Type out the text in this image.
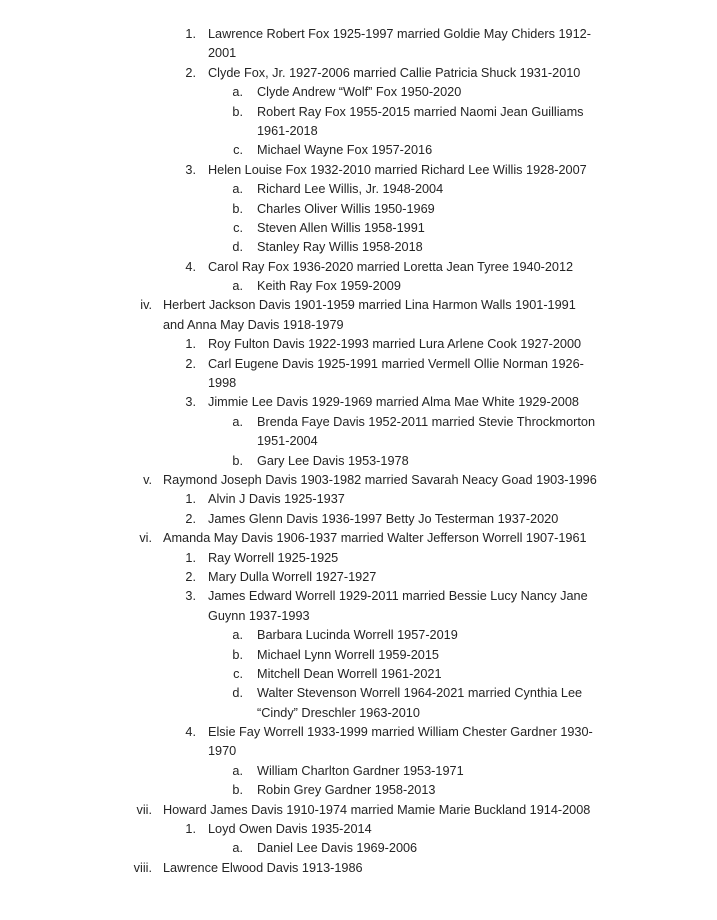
1. Lawrence Robert Fox 1925-1997 married Goldie May Chiders 1912-
2001
2. Clyde Fox, Jr. 1927-2006 married Callie Patricia Shuck 1931-2010
a. Clyde Andrew “Wolf” Fox 1950-2020
b. Robert Ray Fox 1955-2015 married Naomi Jean Guilliams
1961-2018
c. Michael Wayne Fox 1957-2016
3. Helen Louise Fox 1932-2010 married Richard Lee Willis 1928-2007
a. Richard Lee Willis, Jr. 1948-2004
b. Charles Oliver Willis 1950-1969
c. Steven Allen Willis 1958-1991
d. Stanley Ray Willis 1958-2018
4. Carol Ray Fox 1936-2020 married Loretta Jean Tyree 1940-2012
a. Keith Ray Fox 1959-2009
iv. Herbert Jackson Davis 1901-1959 married Lina Harmon Walls 1901-1991
and Anna May Davis 1918-1979
1. Roy Fulton Davis 1922-1993 married Lura Arlene Cook 1927-2000
2. Carl Eugene Davis 1925-1991 married Vermell Ollie Norman 1926-
1998
3. Jimmie Lee Davis 1929-1969 married Alma Mae White 1929-2008
a. Brenda Faye Davis 1952-2011 married Stevie Throckmorton
1951-2004
b. Gary Lee Davis 1953-1978
v. Raymond Joseph Davis 1903-1982 married Savarah Neacy Goad 1903-1996
1. Alvin J Davis 1925-1937
2. James Glenn Davis 1936-1997 Betty Jo Testerman 1937-2020
vi. Amanda May Davis 1906-1937 married Walter Jefferson Worrell 1907-1961
1. Ray Worrell 1925-1925
2. Mary Dulla Worrell 1927-1927
3. James Edward Worrell 1929-2011 married Bessie Lucy Nancy Jane
Guynn 1937-1993
a. Barbara Lucinda Worrell 1957-2019
b. Michael Lynn Worrell 1959-2015
c. Mitchell Dean Worrell 1961-2021
d. Walter Stevenson Worrell 1964-2021 married Cynthia Lee
“Cindy” Dreschler 1963-2010
4. Elsie Fay Worrell 1933-1999 married William Chester Gardner 1930-
1970
a. William Charlton Gardner 1953-1971
b. Robin Grey Gardner 1958-2013
vii. Howard James Davis 1910-1974 married Mamie Marie Buckland 1914-2008
1. Loyd Owen Davis 1935-2014
a. Daniel Lee Davis 1969-2006
viii. Lawrence Elwood Davis 1913-1986
